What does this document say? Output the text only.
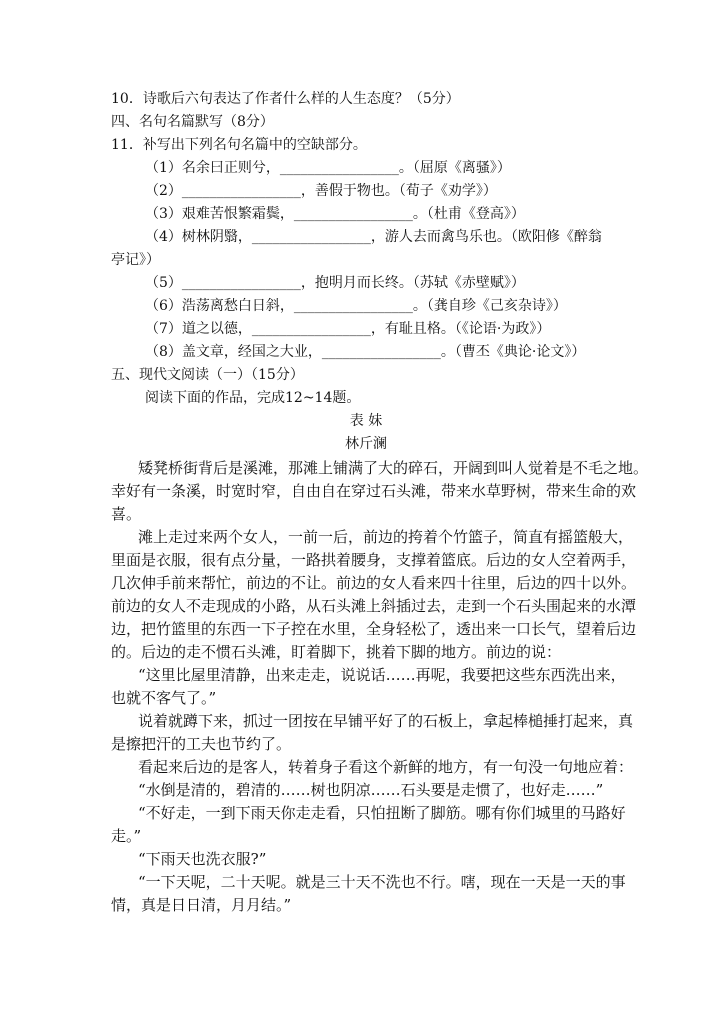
10．诗歌后六句表达了作者什么样的人生态度？（5分）

四、名句名篇默写（8分）

11．补写出下列名句名篇中的空缺部分。

（1）名余曰正则兮，_________________。（屈原《离骚》）

（2）_________________，善假于物也。（荀子《劝学》）

（3）艰难苦恨繁霜鬓，_________________。（杜甫《登高》）

（4）树林阴翳，_________________，游人去而禽鸟乐也。（欧阳修《醉翁

亭记》）

（5）_________________，抱明月而长终。（苏轼《赤壁赋》）

（6）浩荡离愁白日斜，_________________。（龚自珍《己亥杂诗》）

（7）道之以德，_________________，有耻且格。（《论语·为政》）

（8）盖文章，经国之大业，_________________。（曹丕《典论·论文》）

五、现代文阅读（一）（15分）

阅读下面的作品，完成12~14题。

表 妹

林斤澜

矮凳桥街背后是溪滩，那滩上铺满了大的碎石，开阔到叫人觉着是不毛之地。

幸好有一条溪，时宽时窄，自由自在穿过石头滩，带来水草野树，带来生命的欢

喜。

滩上走过来两个女人，一前一后，前边的挎着个竹篮子，简直有摇篮般大，

里面是衣服，很有点分量，一路拱着腰身，支撑着篮底。后边的女人空着两手，

几次伸手前来帮忙，前边的不让。前边的女人看来四十往里，后边的四十以外。

前边的女人不走现成的小路，从石头滩上斜插过去，走到一个石头围起来的水潭

边，把竹篮里的东西一下子控在水里，全身轻松了，透出来一口长气，望着后边

的。后边的走不惯石头滩，盯着脚下，挑着下脚的地方。前边的说：

“这里比屋里清静，出来走走，说说话……再呢，我要把这些东西洗出来，

也就不客气了。”

说着就蹲下来，抓过一团按在早铺平好了的石板上，拿起棒槌捶打起来，真

是擦把汗的工夫也节约了。

看起来后边的是客人，转着身子看这个新鲜的地方，有一句没一句地应着：

“水倒是清的，碧清的……树也阴凉……石头要是走惯了，也好走……”

“不好走，一到下雨天你走走看，只怕扭断了脚筋。哪有你们城里的马路好

走。”

“下雨天也洗衣服?”

“一下天呢，二十天呢。就是三十天不洗也不行。嗐，现在一天是一天的事

情，真是日日清，月月结。”
